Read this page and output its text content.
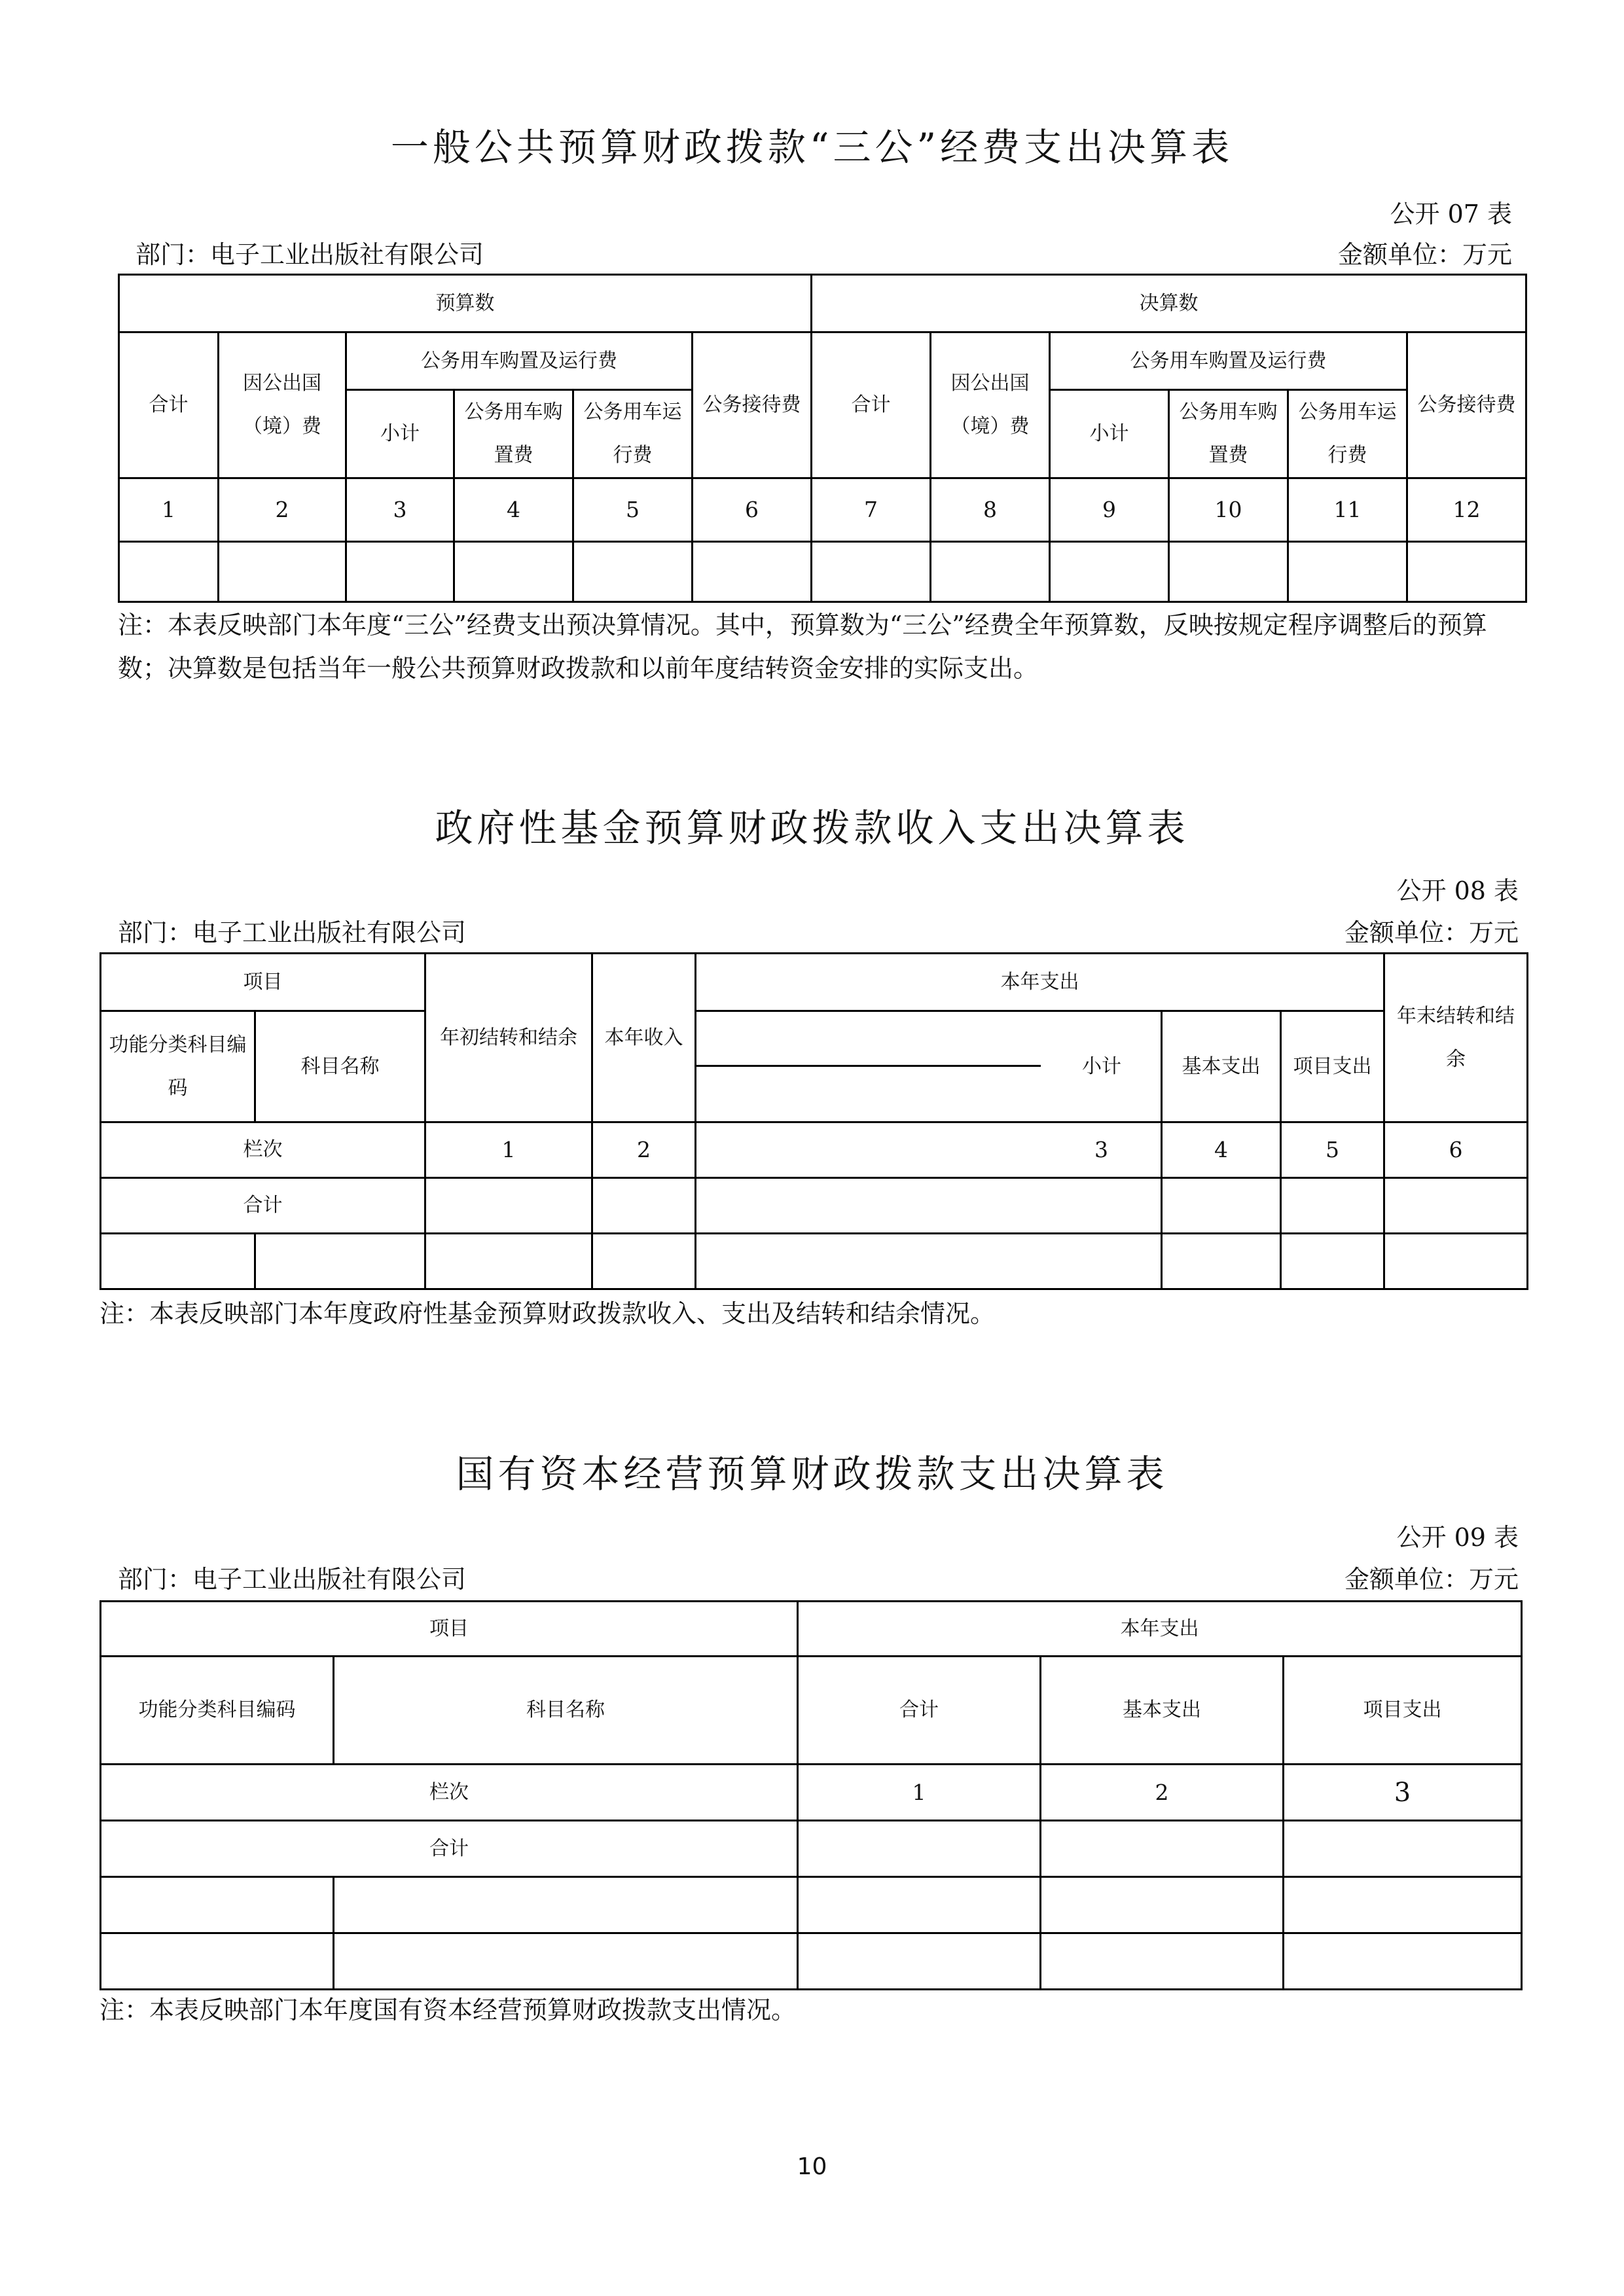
一般公共预算财政拨款“三公”经费支出决算表
公开 07 表
部门：电子工业出版社有限公司	金额单位：万元
预算数						决算数					
合计	因公出国（境）费	公务用车购置及运行费			公务接待费	合计	因公出国（境）费	公务用车购置及运行费			公务接待费
		小计	公务用车购置费	公务用车运行费				小计	公务用车购置费	公务用车运行费	
1	2	3	4	5	6	7	8	9	10	11	12

注：本表反映部门本年度“三公”经费支出预决算情况。其中，预算数为“三公”经费全年预算数，反映按规定程序调整后的预算数；决算数是包括当年一般公共预算财政拨款和以前年度结转资金安排的实际支出。
政府性基金预算财政拨款收入支出决算表
公开 08 表
部门：电子工业出版社有限公司	金额单位：万元
项目		年初结转和结余	本年收入	本年支出			年末结转和结余
功能分类科目编码	科目名称			小计	基本支出	项目支出	
栏次		1	2	3	4	5	6
合计							

注：本表反映部门本年度政府性基金预算财政拨款收入、支出及结转和结余情况。
国有资本经营预算财政拨款支出决算表
公开 09 表
部门：电子工业出版社有限公司	金额单位：万元
项目		本年支出		
功能分类科目编码	科目名称	合计	基本支出	项目支出
栏次		1	2	3
合计				

注：本表反映部门本年度国有资本经营预算财政拨款支出情况。
10
